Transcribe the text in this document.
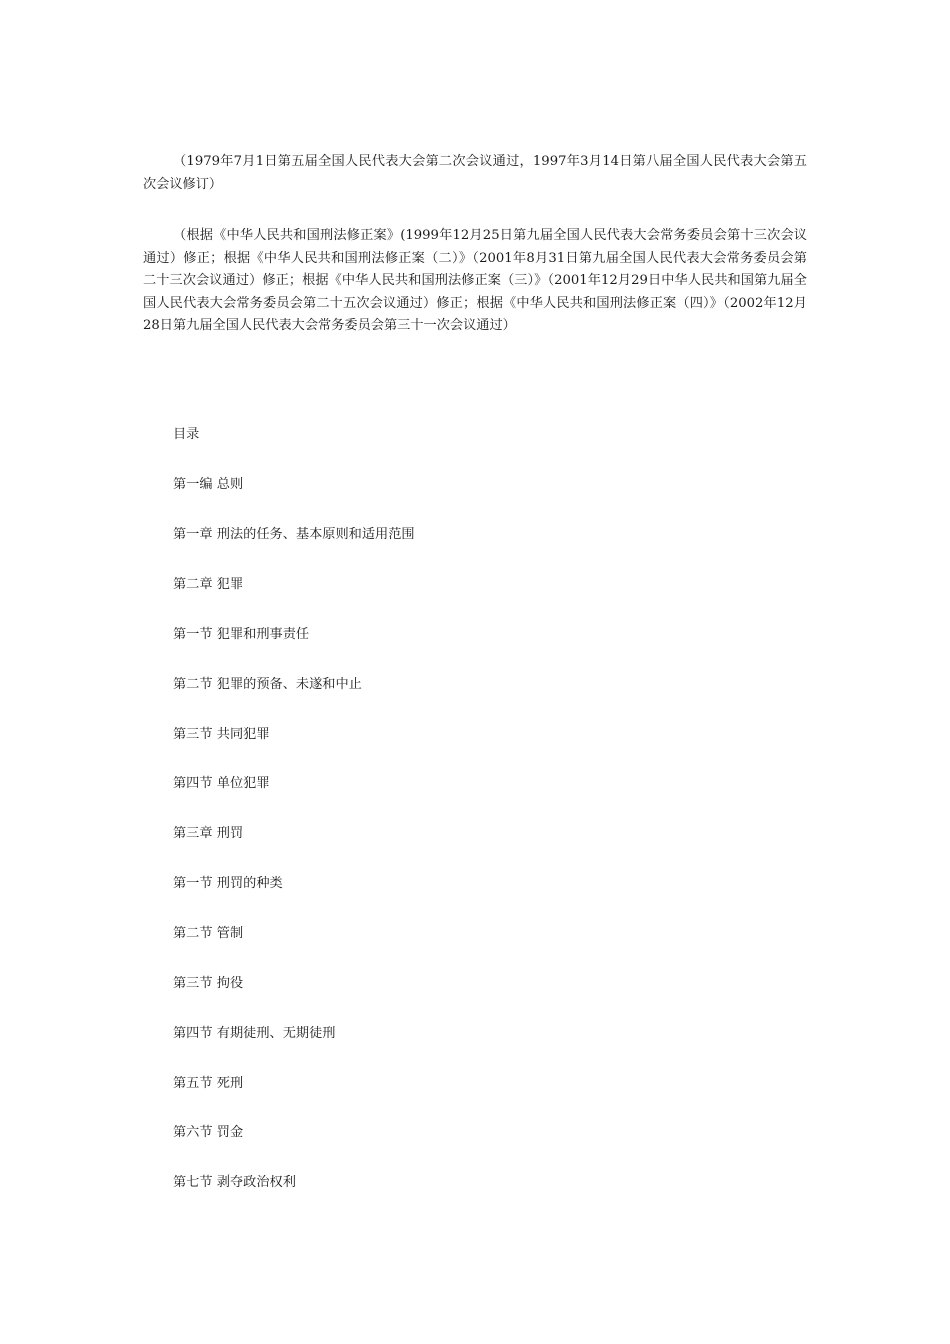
（1979年7月1日第五届全国人民代表大会第二次会议通过，1997年3月14日第八届全国人民代表大会第五次会议修订）

（根据《中华人民共和国刑法修正案》(1999年12月25日第九届全国人民代表大会常务委员会第十三次会议通过）修正；根据《中华人民共和国刑法修正案（二）》（2001年8月31日第九届全国人民代表大会常务委员会第二十三次会议通过）修正；根据《中华人民共和国刑法修正案（三）》（2001年12月29日中华人民共和国第九届全国人民代表大会常务委员会第二十五次会议通过）修正；根据《中华人民共和国刑法修正案（四）》（2002年12月28日第九届全国人民代表大会常务委员会第三十一次会议通过）

目录

第一编 总则

第一章 刑法的任务、基本原则和适用范围

第二章 犯罪

第一节 犯罪和刑事责任

第二节 犯罪的预备、未遂和中止

第三节 共同犯罪

第四节 单位犯罪

第三章 刑罚

第一节 刑罚的种类

第二节 管制

第三节 拘役

第四节 有期徒刑、无期徒刑

第五节 死刑

第六节 罚金

第七节 剥夺政治权利
